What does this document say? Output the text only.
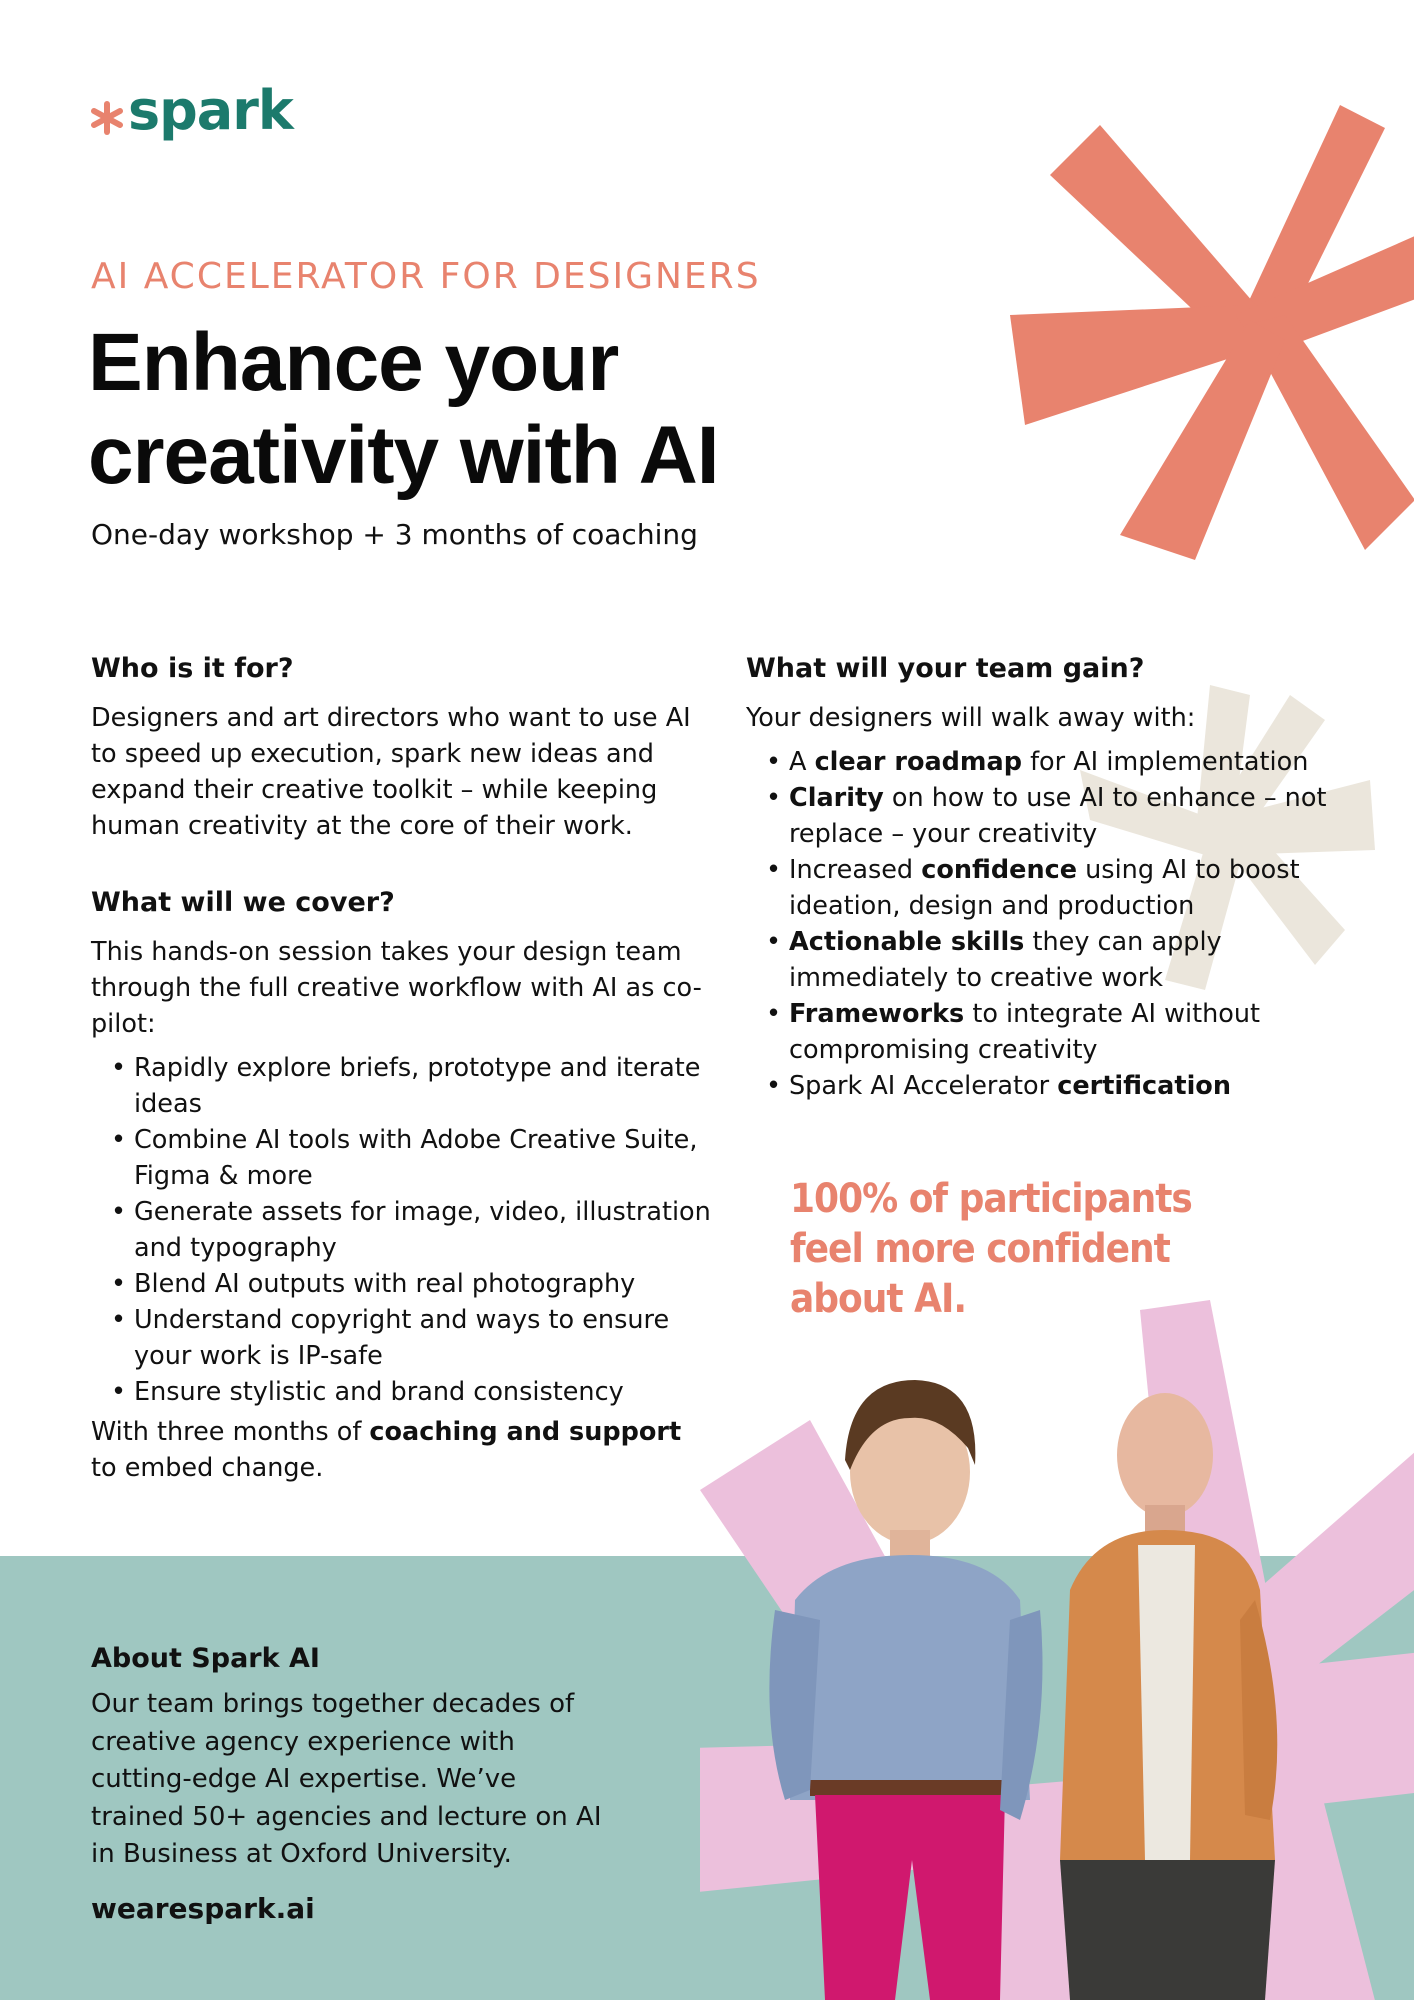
spark
AI ACCELERATOR FOR DESIGNERS
Enhance your
creativity with AI
One-day workshop + 3 months of coaching
Who is it for?

Designers and art directors who want to use AI to speed up execution, spark new ideas and expand their creative toolkit – while keeping human creativity at the core of their work.

What will we cover?

This hands-on session takes your design team through the full creative workflow with AI as co-pilot:

• Rapidly explore briefs, prototype and iterate ideas
• Combine AI tools with Adobe Creative Suite, Figma & more
• Generate assets for image, video, illustration and typography
• Blend AI outputs with real photography
• Understand copyright and ways to ensure your work is IP-safe
• Ensure stylistic and brand consistency

With three months of coaching and support to embed change.

What will your team gain?

Your designers will walk away with:

• A clear roadmap for AI implementation
• Clarity on how to use AI to enhance – not replace – your creativity
• Increased confidence using AI to boost ideation, design and production
• Actionable skills they can apply immediately to creative work
• Frameworks to integrate AI without compromising creativity
• Spark AI Accelerator certification
100% of participants
feel more confident
about AI.
About Spark AI

Our team brings together decades of creative agency experience with cutting-edge AI expertise. We’ve trained 50+ agencies and lecture on AI in Business at Oxford University.

wearespark.ai
